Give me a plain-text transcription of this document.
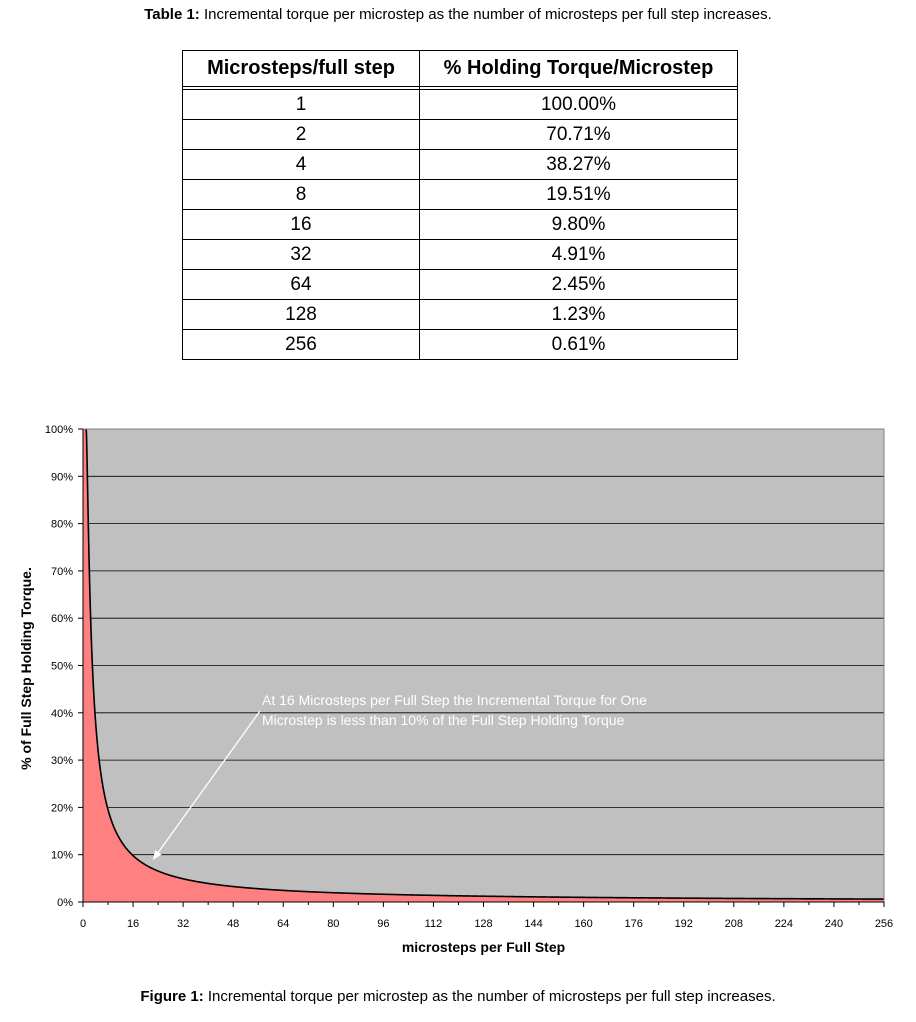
Table 1: Incremental torque per microstep as the number of microsteps per full step increases.
Microsteps/full step	% Holding Torque/Microstep

1	100.00%
2	70.71%
4	38.27%
8	19.51%
16	9.80%
32	4.91%
64	2.45%
128	1.23%
256	0.61%
0%
10%
20%
30%
40%
50%
60%
70%
80%
90%
100%
0	16	32	48	64	80	96	112	128	144	160	176	192	208	224	240	256
At 16 Microsteps per Full Step the Incremental Torque for One
Microstep is less than 10% of the Full Step Holding Torque
microsteps per Full Step
% of Full Step Holding Torque.
Figure 1: Incremental torque per microstep as the number of microsteps per full step increases.
